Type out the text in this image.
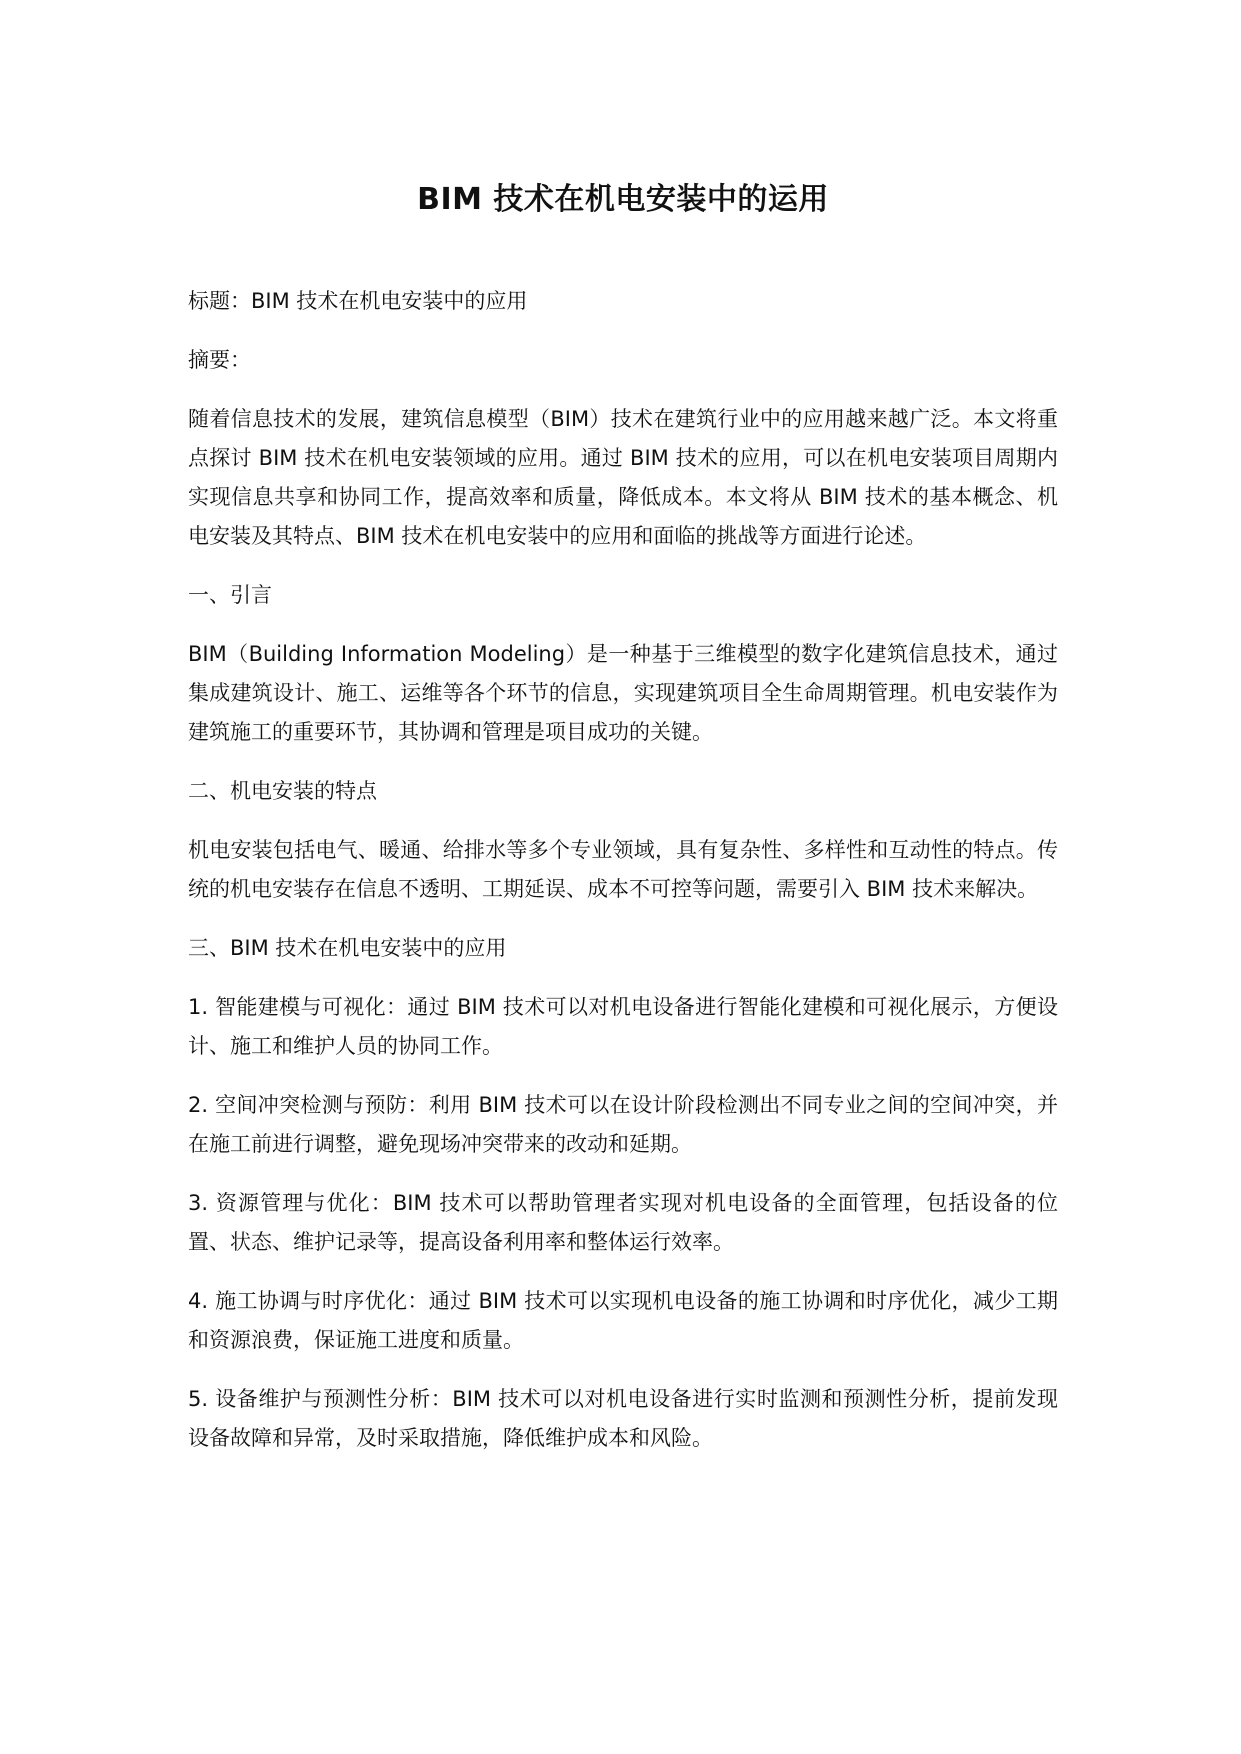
BIM 技术在机电安装中的运用

标题：BIM 技术在机电安装中的应用

摘要：

随着信息技术的发展，建筑信息模型（BIM）技术在建筑行业中的应用越来越广泛。本文将重点探讨 BIM 技术在机电安装领域的应用。通过 BIM 技术的应用，可以在机电安装项目周期内实现信息共享和协同工作，提高效率和质量，降低成本。本文将从 BIM 技术的基本概念、机电安装及其特点、BIM 技术在机电安装中的应用和面临的挑战等方面进行论述。

一、引言

BIM（Building Information Modeling）是一种基于三维模型的数字化建筑信息技术，通过集成建筑设计、施工、运维等各个环节的信息，实现建筑项目全生命周期管理。机电安装作为建筑施工的重要环节，其协调和管理是项目成功的关键。

二、机电安装的特点

机电安装包括电气、暖通、给排水等多个专业领域，具有复杂性、多样性和互动性的特点。传统的机电安装存在信息不透明、工期延误、成本不可控等问题，需要引入 BIM 技术来解决。

三、BIM 技术在机电安装中的应用

1. 智能建模与可视化：通过 BIM 技术可以对机电设备进行智能化建模和可视化展示，方便设计、施工和维护人员的协同工作。

2. 空间冲突检测与预防：利用 BIM 技术可以在设计阶段检测出不同专业之间的空间冲突，并在施工前进行调整，避免现场冲突带来的改动和延期。

3. 资源管理与优化：BIM 技术可以帮助管理者实现对机电设备的全面管理，包括设备的位置、状态、维护记录等，提高设备利用率和整体运行效率。

4. 施工协调与时序优化：通过 BIM 技术可以实现机电设备的施工协调和时序优化，减少工期和资源浪费，保证施工进度和质量。

5. 设备维护与预测性分析：BIM 技术可以对机电设备进行实时监测和预测性分析，提前发现设备故障和异常，及时采取措施，降低维护成本和风险。
